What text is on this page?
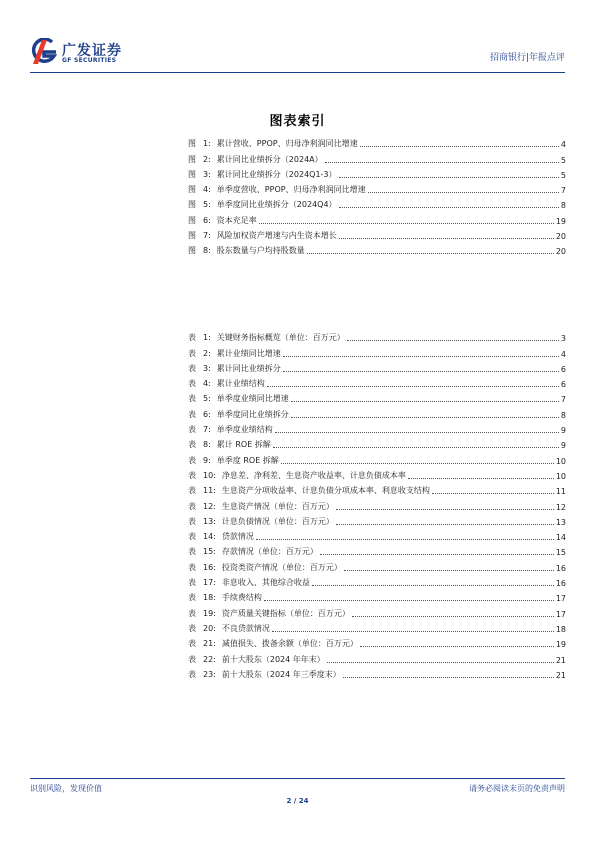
广发证券
GF SECURITIES	招商银行|年报点评
图表索引
图 1: 累计营收、PPOP、归母净利润同比增速	4
图 2: 累计同比业绩拆分（2024A）	5
图 3: 累计同比业绩拆分（2024Q1-3）	5
图 4: 单季度营收、PPOP、归母净利润同比增速	7
图 5: 单季度同比业绩拆分（2024Q4）	8
图 6: 资本充足率	19
图 7: 风险加权资产增速与内生资本增长	20
图 8: 股东数量与户均持股数量	20
表 1: 关键财务指标概览（单位：百万元）	3
表 2: 累计业绩同比增速	4
表 3: 累计同比业绩拆分	6
表 4: 累计业绩结构	6
表 5: 单季度业绩同比增速	7
表 6: 单季度同比业绩拆分	8
表 7: 单季度业绩结构	9
表 8: 累计 ROE 拆解	9
表 9: 单季度 ROE 拆解	10
表 10: 净息差、净利差、生息资产收益率、计息负债成本率	10
表 11: 生息资产分项收益率、计息负债分项成本率、利息收支结构	11
表 12: 生息资产情况（单位：百万元）	12
表 13: 计息负债情况（单位：百万元）	13
表 14: 贷款情况	14
表 15: 存款情况（单位：百万元）	15
表 16: 投资类资产情况（单位：百万元）	16
表 17: 非息收入、其他综合收益	16
表 18: 手续费结构	17
表 19: 资产质量关键指标（单位：百万元）	17
表 20: 不良贷款情况	18
表 21: 减值损失、拨备余额（单位：百万元）	19
表 22: 前十大股东（2024 年年末）	21
表 23: 前十大股东（2024 年三季度末）	21
识别风险，发现价值	请务必阅读末页的免责声明
2 / 24
